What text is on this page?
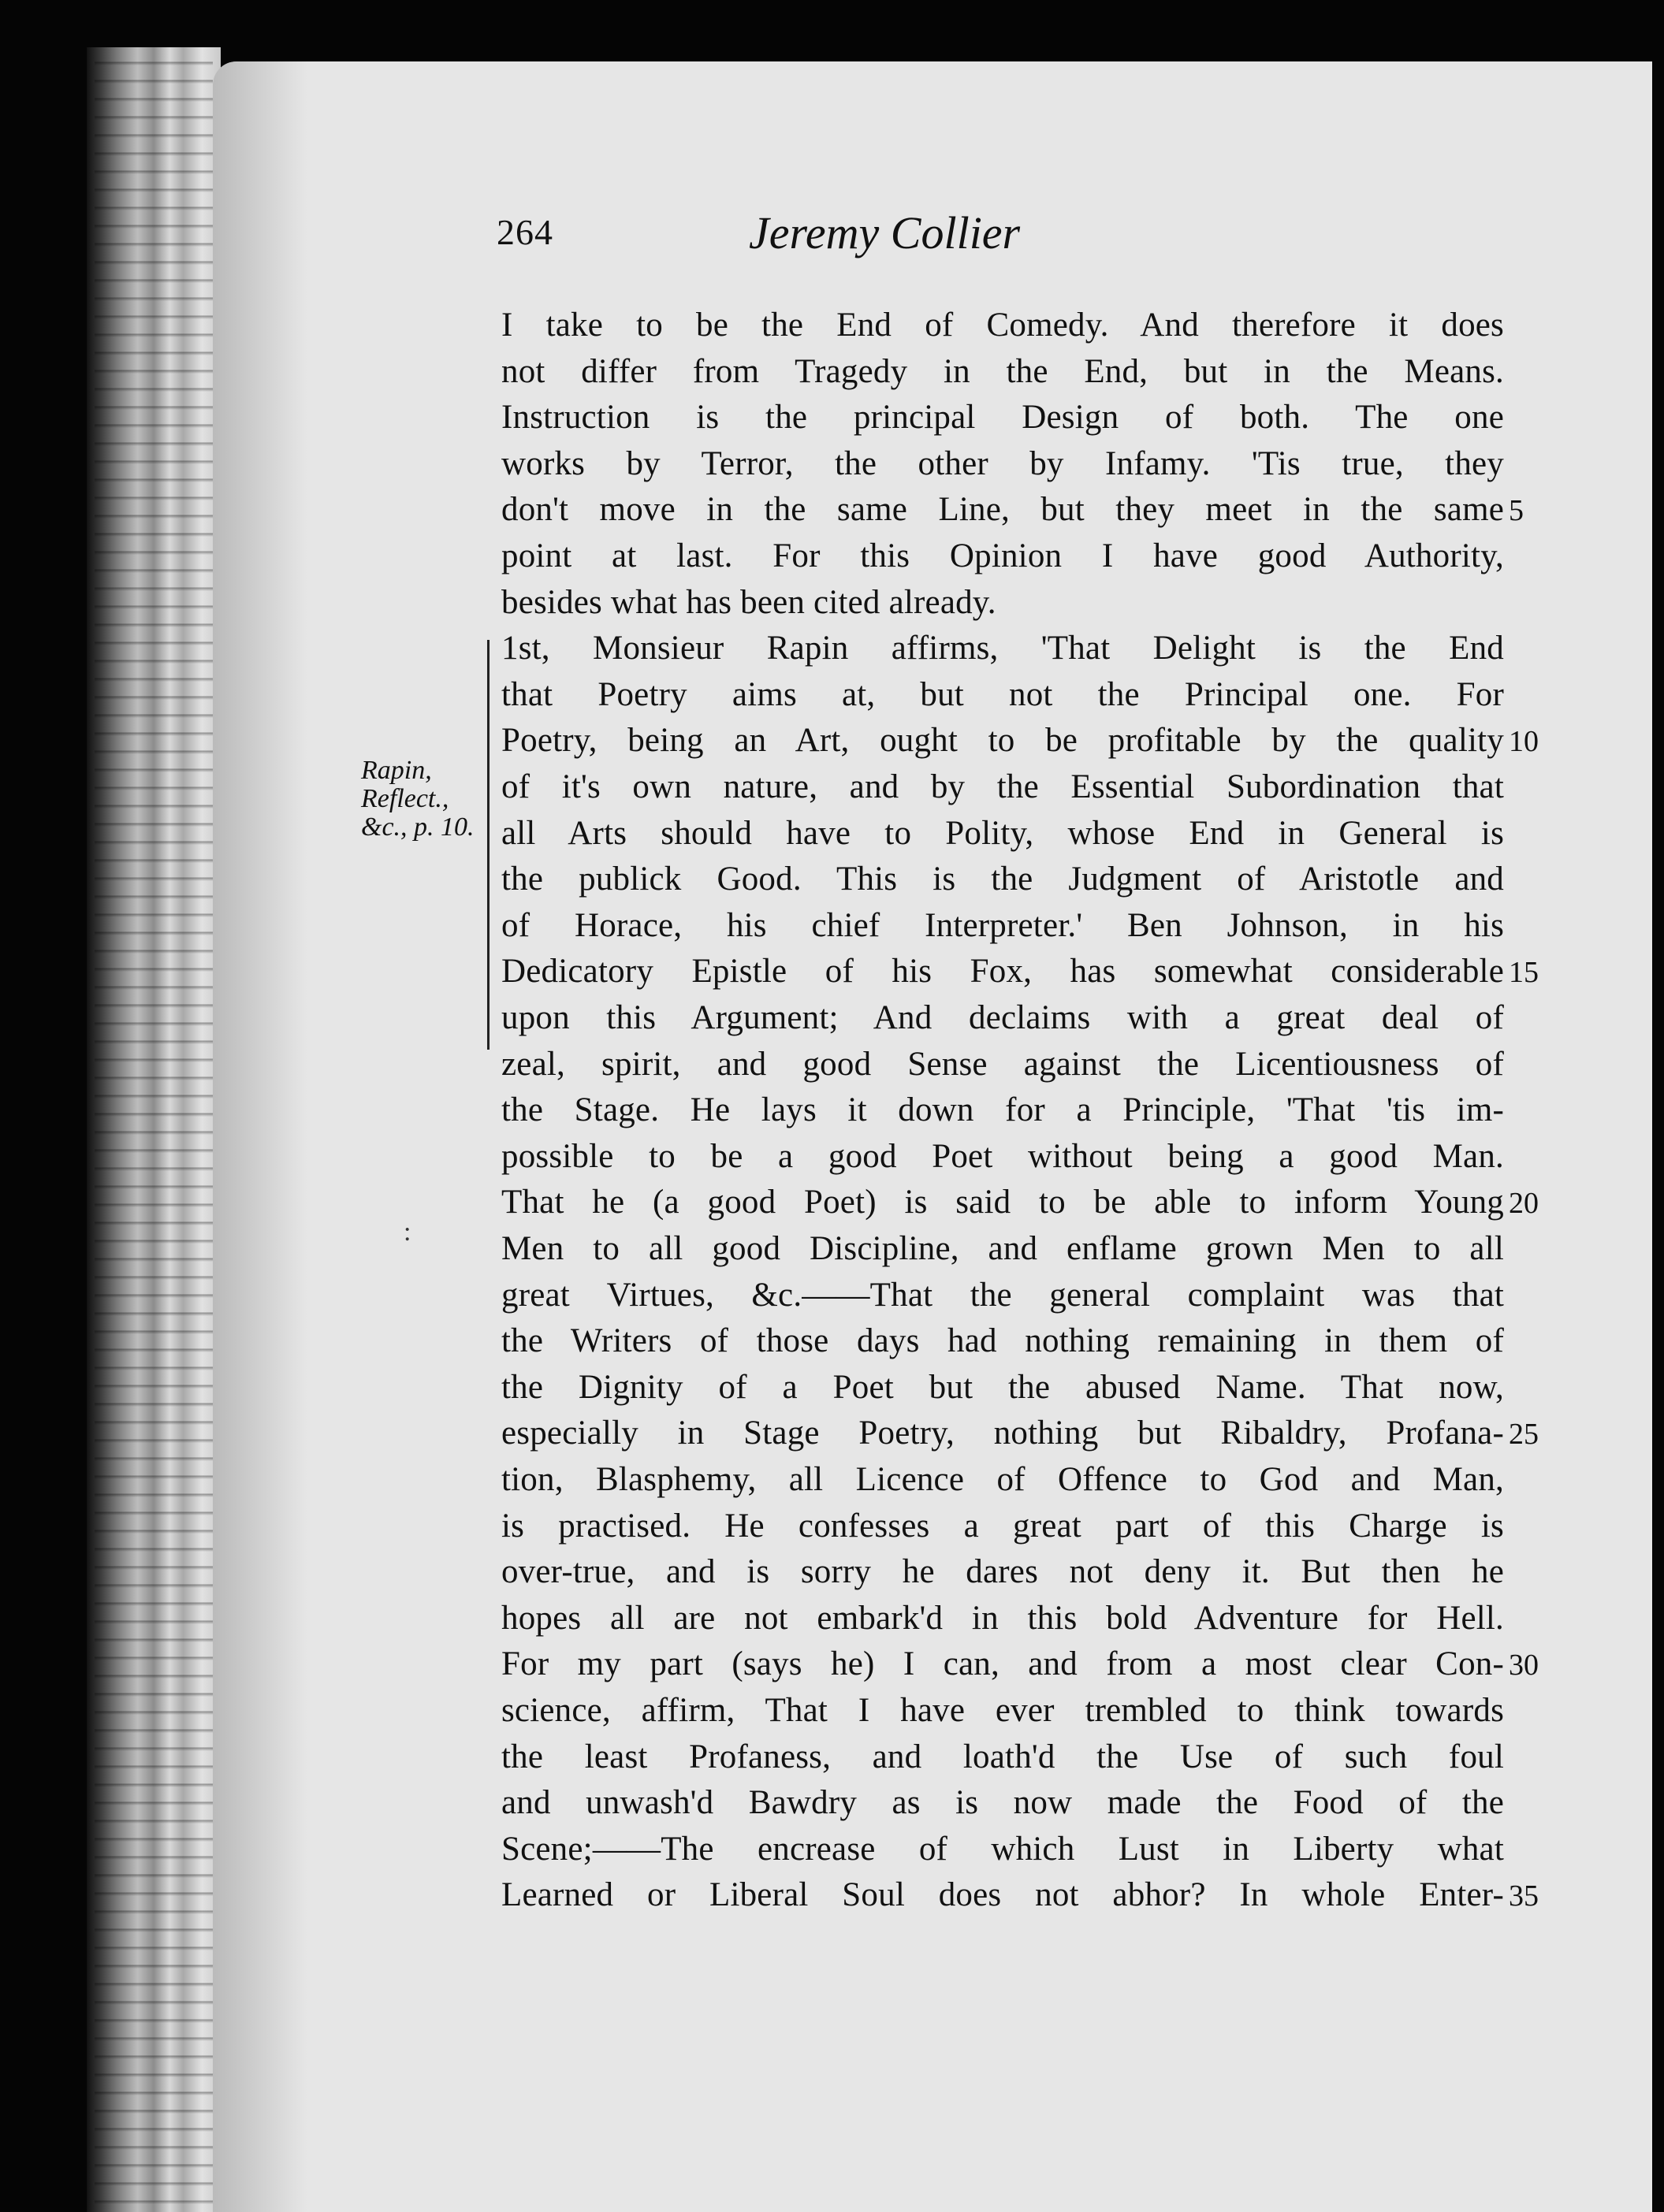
264	Jeremy Collier
Rapin,
Reflect.,
&c., p. 10.
:
I take to be the End of Comedy. And therefore it does
not differ from Tragedy in the End, but in the Means.
Instruction is the principal Design of both. The one
works by Terror, the other by Infamy. 'Tis true, they
don't move in the same Line, but they meet in the same
point at last. For this Opinion I have good Authority,
besides what has been cited already.
1st, Monsieur Rapin affirms, 'That Delight is the End
that Poetry aims at, but not the Principal one. For
Poetry, being an Art, ought to be profitable by the quality
of it's own nature, and by the Essential Subordination that
all Arts should have to Polity, whose End in General is
the publick Good. This is the Judgment of Aristotle and
of Horace, his chief Interpreter.' Ben Johnson, in his
Dedicatory Epistle of his Fox, has somewhat considerable
upon this Argument; And declaims with a great deal of
zeal, spirit, and good Sense against the Licentiousness of
the Stage. He lays it down for a Principle, 'That 'tis im-
possible to be a good Poet without being a good Man.
That he (a good Poet) is said to be able to inform Young
Men to all good Discipline, and enflame grown Men to all
great Virtues, &c.——That the general complaint was that
the Writers of those days had nothing remaining in them of
the Dignity of a Poet but the abused Name. That now,
especially in Stage Poetry, nothing but Ribaldry, Profana-
tion, Blasphemy, all Licence of Offence to God and Man,
is practised. He confesses a great part of this Charge is
over-true, and is sorry he dares not deny it. But then he
hopes all are not embark'd in this bold Adventure for Hell.
For my part (says he) I can, and from a most clear Con-
science, affirm, That I have ever trembled to think towards
the least Profaness, and loath'd the Use of such foul
and unwash'd Bawdry as is now made the Food of the
Scene;——The encrease of which Lust in Liberty what
Learned or Liberal Soul does not abhor? In whole Enter-
5
10
15
20
25
30
35
